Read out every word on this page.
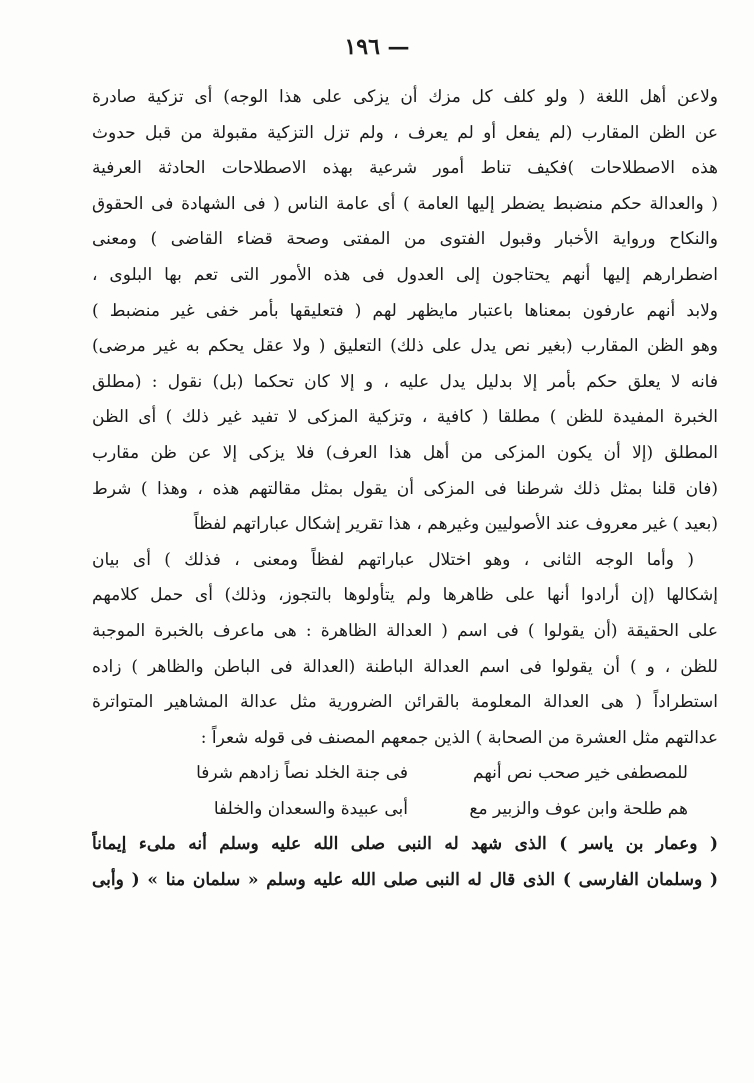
— ١٩٦
ولاعن أهل اللغة ( ولو كلف كل مزك أن يزكى على هذا الوجه) أى تزكية صادرة
عن الظن المقارب (لم يفعل أو لم يعرف ، ولم تزل التزكية مقبولة من قبل حدوث
هذه الاصطلاحات )فكيف تناط أمور شرعية بهذه الاصطلاحات الحادثة العرفية
( والعدالة حكم منضبط يضطر إليها العامة ) أى عامة الناس ( فى الشهادة فى الحقوق
والنكاح ورواية الأخبار وقبول الفتوى من المفتى وصحة قضاء القاضى ) ومعنى
اضطرارهم إليها أنهم يحتاجون إلى العدول فى هذه الأمور التى تعم بها البلوى ،
ولابد أنهم عارفون بمعناها باعتبار مايظهر لهم ( فتعليقها بأمر خفى غير منضبط )
وهو الظن المقارب (بغير نص يدل على ذلك) التعليق ( ولا عقل يحكم به غير مرضى)
فانه لا يعلق حكم بأمر إلا بدليل يدل عليه ، و إلا كان تحكما (بل) نقول : (مطلق
الخبرة المفيدة للظن ) مطلقا ( كافية ، وتزكية المزكى لا تفيد غير ذلك ) أى الظن
المطلق (إلا أن يكون المزكى من أهل هذا العرف) فلا يزكى إلا عن ظن مقارب
(فان قلنا بمثل ذلك شرطنا فى المزكى أن يقول بمثل مقالتهم هذه ، وهذا ) شرط
(بعيد ) غير معروف عند الأصوليين وغيرهم ، هذا تقرير إشكال عباراتهم لفظاً
( وأما الوجه الثانى ، وهو اختلال عباراتهم لفظاً ومعنى ، فذلك ) أى بيان
إشكالها (إن أرادوا أنها على ظاهرها ولم يتأولوها بالتجوز، وذلك) أى حمل كلامهم
على الحقيقة (أن يقولوا ) فى اسم ( العدالة الظاهرة : هى ماعرف بالخبرة الموجبة
للظن ، و ) أن يقولوا فى اسم العدالة الباطنة (العدالة فى الباطن والظاهر ) زاده
استطراداً ( هى العدالة المعلومة بالقرائن الضرورية مثل عدالة المشاهير المتواترة
عدالتهم مثل العشرة من الصحابة ) الذين جمعهم المصنف فى قوله شعراً :
للمصطفى خير صحب نص أنهم
فى جنة الخلد نصاً زادهم شرفا
هم طلحة وابن عوف والزبير مع
أبى عبيدة والسعدان والخلفا
( وعمار بن ياسر ) الذى شهد له النبى صلى الله عليه وسلم أنه ملىء إيماناً
( وسلمان الفارسى ) الذى قال له النبى صلى الله عليه وسلم « سلمان منا » ( وأبى
